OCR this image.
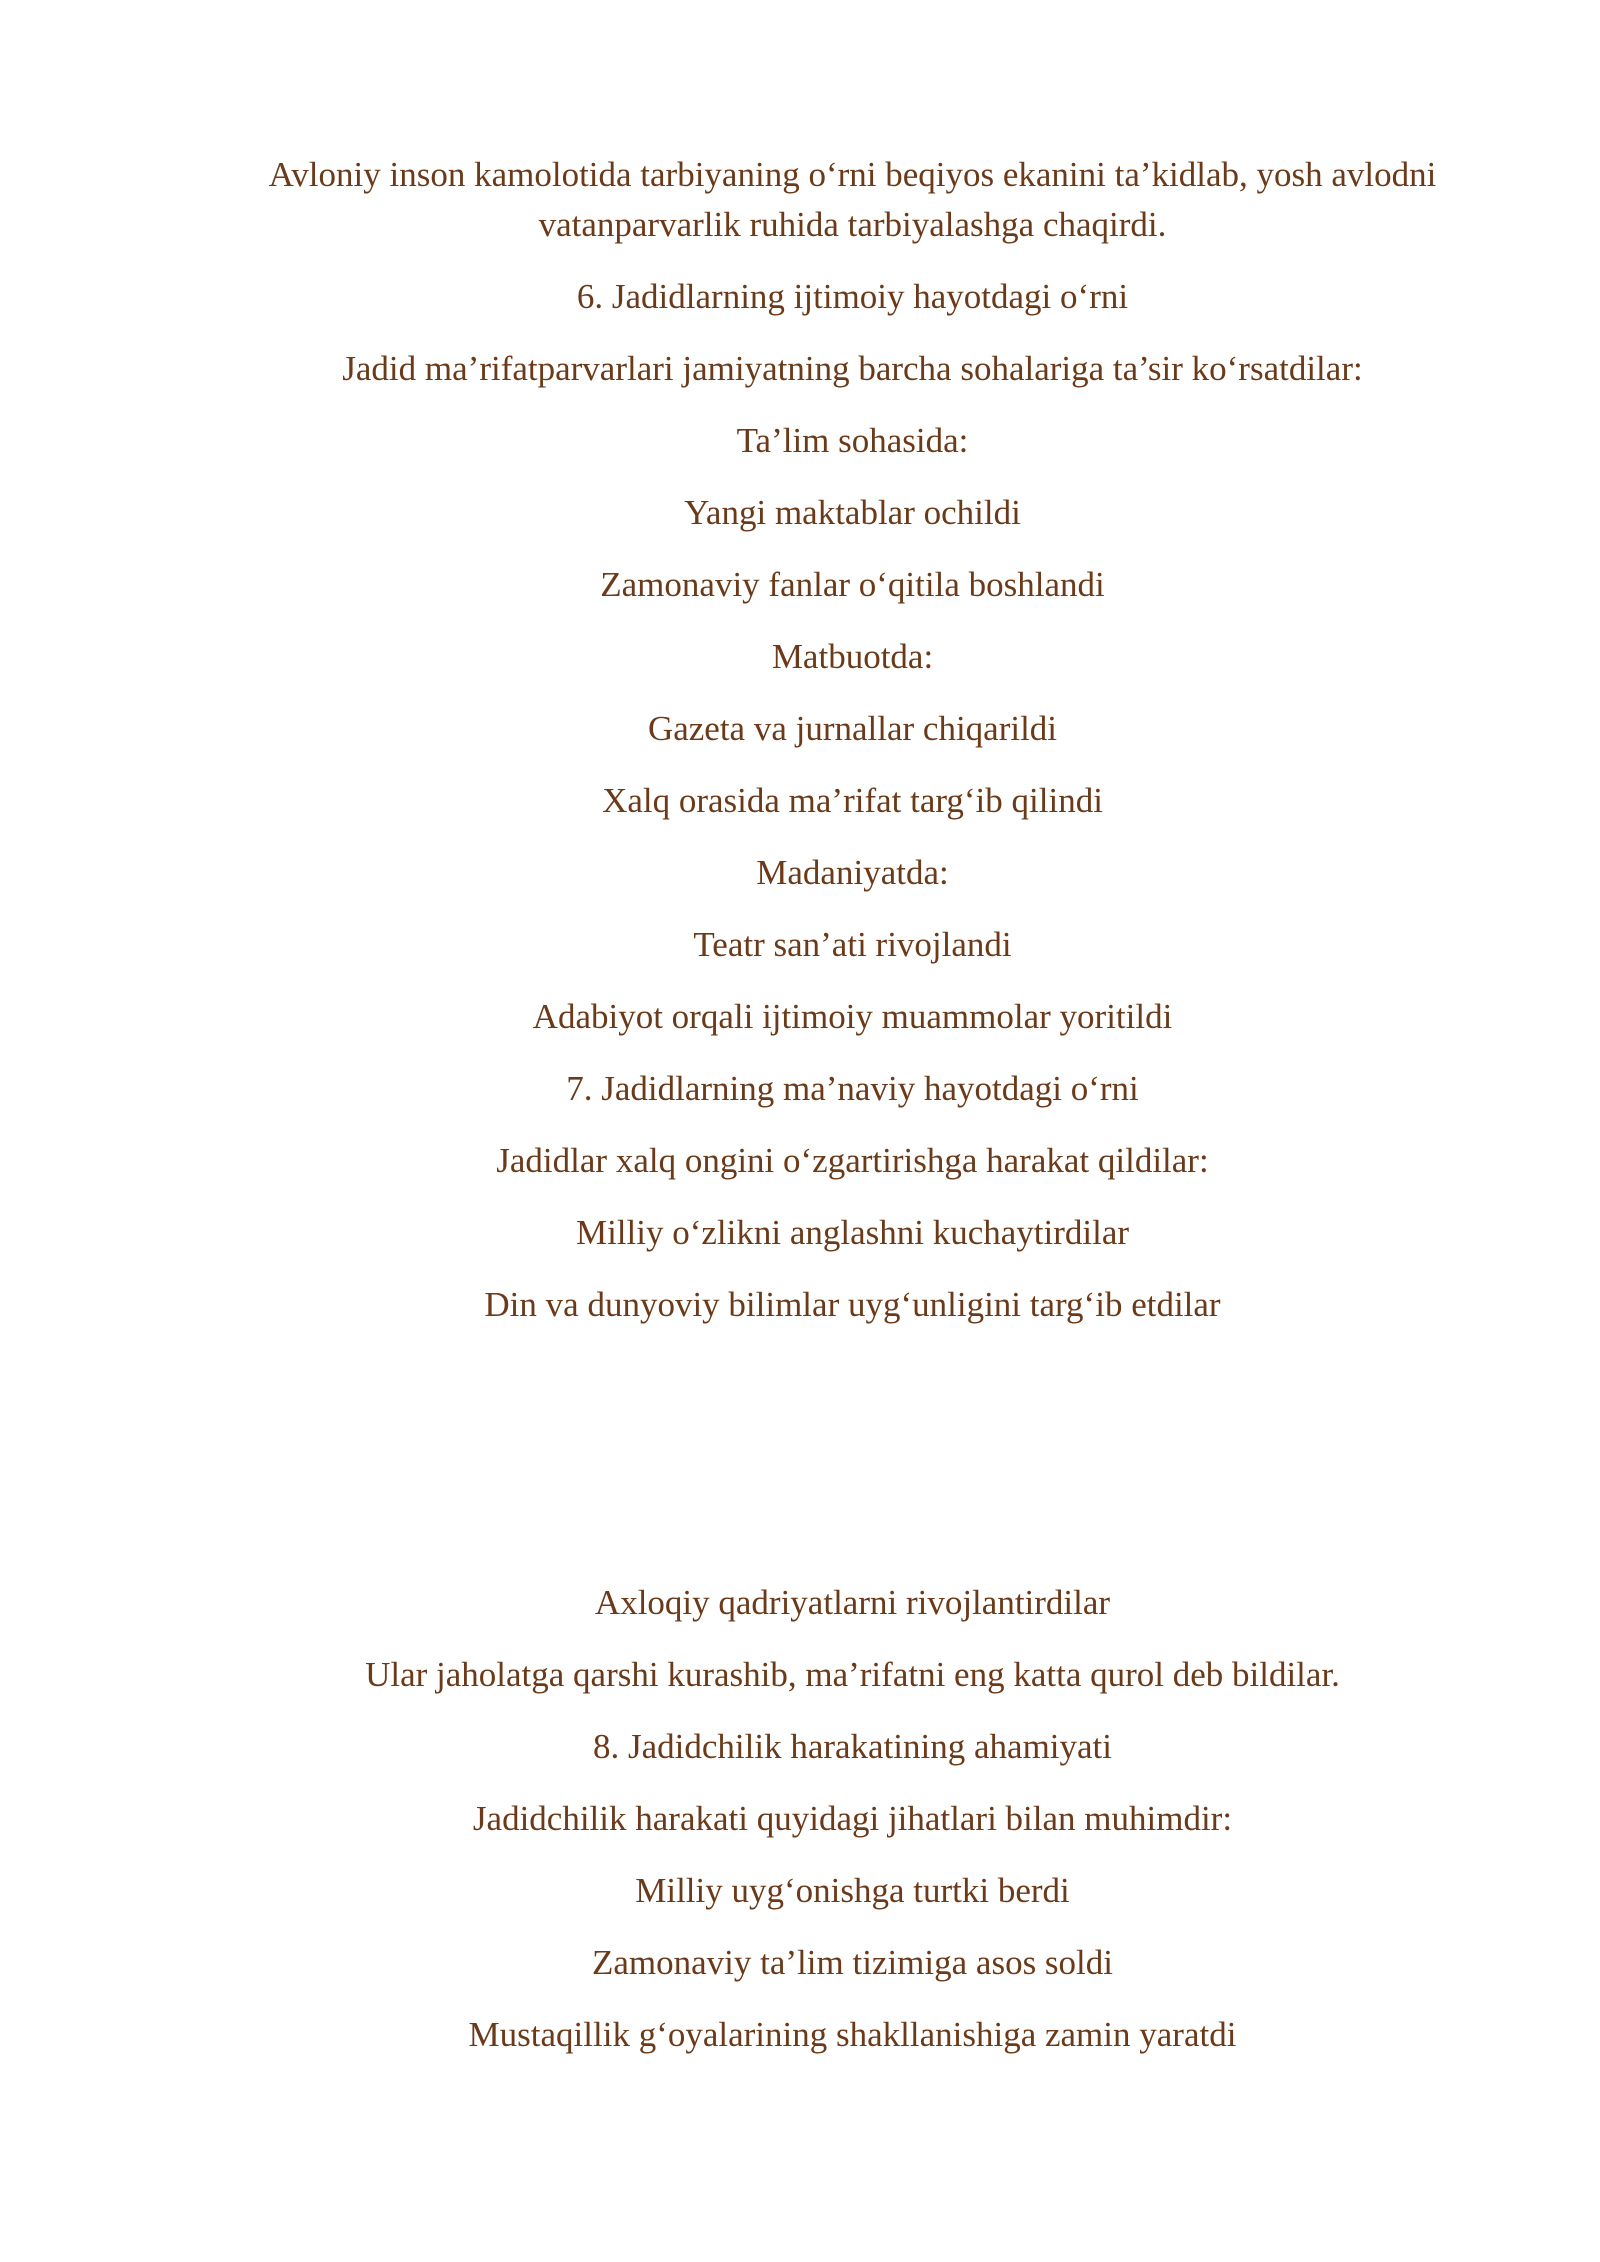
Avloniy inson kamolotida tarbiyaning o‘rni beqiyos ekanini ta’kidlab, yosh avlodni vatanparvarlik ruhida tarbiyalashga chaqirdi.

6. Jadidlarning ijtimoiy hayotdagi o‘rni

Jadid ma’rifatparvarlari jamiyatning barcha sohalariga ta’sir ko‘rsatdilar:

Ta’lim sohasida:

Yangi maktablar ochildi

Zamonaviy fanlar o‘qitila boshlandi

Matbuotda:

Gazeta va jurnallar chiqarildi

Xalq orasida ma’rifat targ‘ib qilindi

Madaniyatda:

Teatr san’ati rivojlandi

Adabiyot orqali ijtimoiy muammolar yoritildi

7. Jadidlarning ma’naviy hayotdagi o‘rni

Jadidlar xalq ongini o‘zgartirishga harakat qildilar:

Milliy o‘zlikni anglashni kuchaytirdilar

Din va dunyoviy bilimlar uyg‘unligini targ‘ib etdilar

Axloqiy qadriyatlarni rivojlantirdilar

Ular jaholatga qarshi kurashib, ma’rifatni eng katta qurol deb bildilar.

8. Jadidchilik harakatining ahamiyati

Jadidchilik harakati quyidagi jihatlari bilan muhimdir:

Milliy uyg‘onishga turtki berdi

Zamonaviy ta’lim tizimiga asos soldi

Mustaqillik g‘oyalarining shakllanishiga zamin yaratdi
